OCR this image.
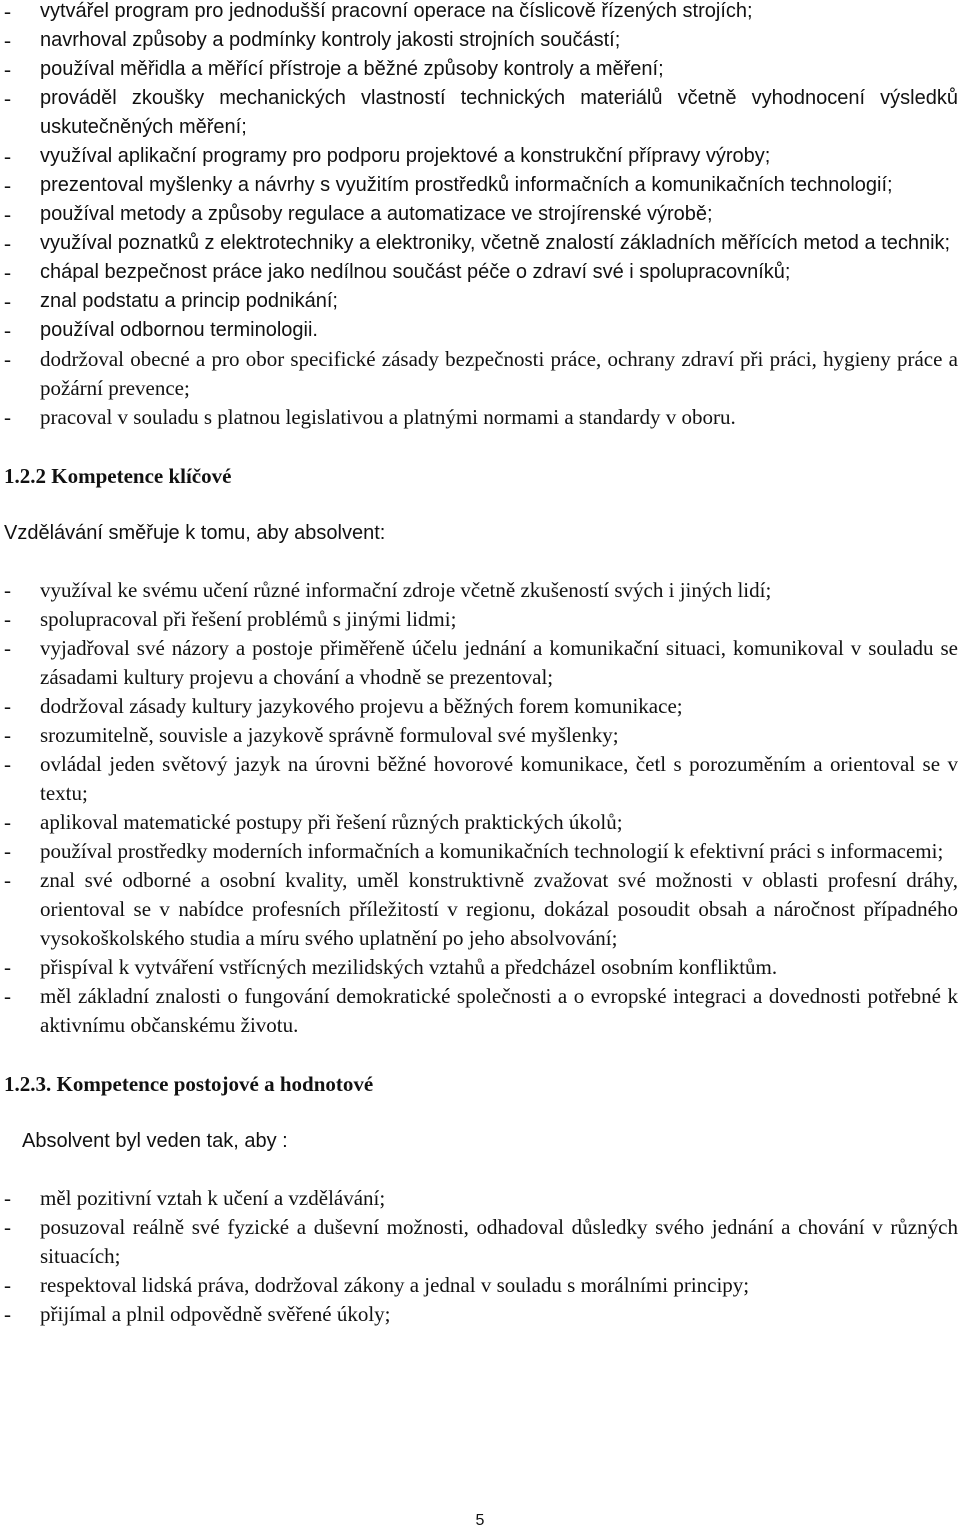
- vytvářel program pro jednodušší pracovní operace na číslicově řízených strojích;
- navrhoval způsoby a podmínky kontroly jakosti strojních součástí;
- používal měřidla a měřící přístroje a běžné způsoby kontroly a měření;
- prováděl zkoušky mechanických vlastností technických materiálů včetně vyhodnocení výsledků uskutečněných měření;
- využíval aplikační programy pro podporu projektové a konstrukční přípravy výroby;
- prezentoval myšlenky a návrhy s využitím prostředků informačních a komunikačních technologií;
- používal metody a způsoby regulace a automatizace ve strojírenské výrobě;
- využíval poznatků z elektrotechniky a elektroniky, včetně znalostí základních měřících metod a technik;
- chápal bezpečnost práce jako nedílnou součást péče o zdraví své i spolupracovníků;
- znal podstatu a princip podnikání;
- používal odbornou terminologii.
- dodržoval obecné a pro obor specifické zásady bezpečnosti práce, ochrany zdraví při práci, hygieny práce a požární prevence;
- pracoval v souladu s platnou legislativou a platnými normami a standardy v oboru.
1.2.2 Kompetence klíčové

Vzdělávání směřuje k tomu, aby absolvent:

- využíval ke svému učení různé informační zdroje včetně zkušeností svých i jiných lidí;
- spolupracoval při řešení problémů s jinými lidmi;
- vyjadřoval své názory a postoje přiměřeně účelu jednání a komunikační situaci, komunikoval v souladu se zásadami kultury projevu a chování a vhodně se prezentoval;
- dodržoval zásady kultury jazykového projevu a běžných forem komunikace;
- srozumitelně, souvisle a jazykově správně formuloval své myšlenky;
- ovládal jeden světový jazyk na úrovni běžné hovorové komunikace, četl s porozuměním a orientoval se v textu;
- aplikoval matematické postupy při řešení různých praktických úkolů;
- používal prostředky moderních informačních a komunikačních technologií k efektivní práci s informacemi;
- znal své odborné a osobní kvality, uměl konstruktivně zvažovat své možnosti v oblasti profesní dráhy, orientoval se v nabídce profesních příležitostí v regionu, dokázal posoudit obsah a náročnost případného vysokoškolského studia a míru svého uplatnění po jeho absolvování;
- přispíval k vytváření vstřícných mezilidských vztahů a předcházel osobním konfliktům.
- měl základní znalosti o fungování demokratické společnosti a o evropské integraci a dovednosti potřebné k aktivnímu občanskému životu.
1.2.3. Kompetence postojové a hodnotové

Absolvent byl veden tak, aby :

- měl pozitivní vztah k učení a vzdělávání;
- posuzoval reálně své fyzické a duševní možnosti, odhadoval důsledky svého jednání a chování v různých situacích;
- respektoval lidská práva, dodržoval zákony a jednal v souladu s morálními principy;
- přijímal a plnil odpovědně svěřené úkoly;
5
